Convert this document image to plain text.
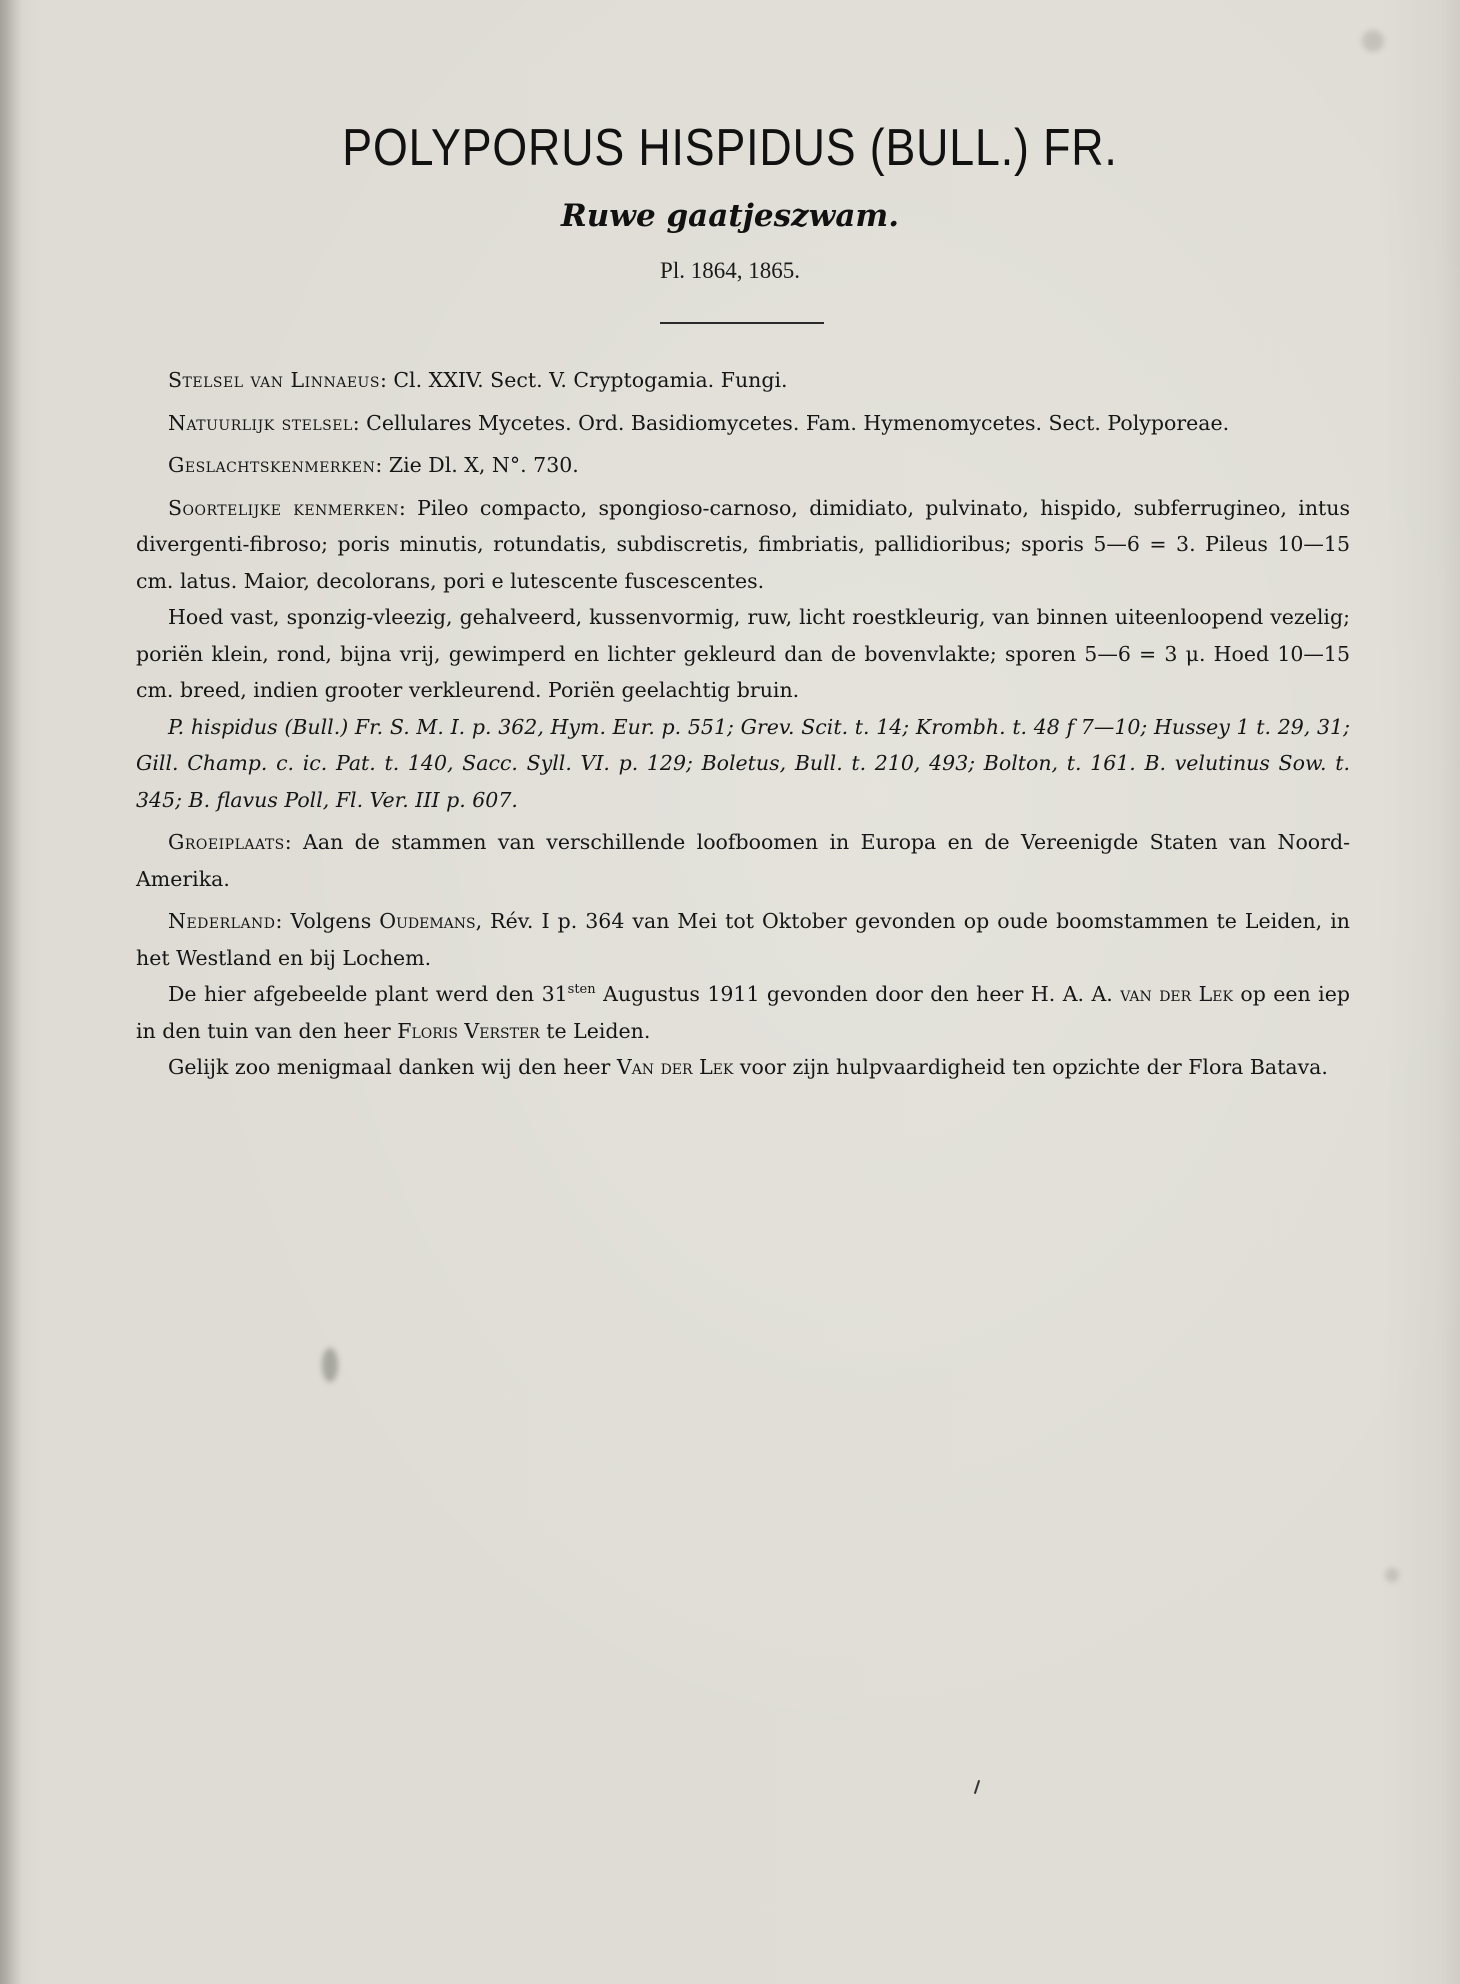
POLYPORUS HISPIDUS (BULL.) FR.
Ruwe gaatjeszwam.
Pl. 1864, 1865.

Stelsel van Linnaeus: Cl. XXIV. Sect. V. Cryptogamia. Fungi.

Natuurlijk stelsel: Cellulares Mycetes. Ord. Basidiomycetes. Fam. Hymenomycetes. Sect. Polyporeae.

Geslachtskenmerken: Zie Dl. X, N°. 730.

Soortelijke kenmerken: Pileo compacto, spongioso-carnoso, dimidiato, pulvinato, hispido, subferrugineo, intus divergenti-fibroso; poris minutis, rotundatis, subdiscretis, fimbriatis, pallidioribus; sporis 5—6 = 3. Pileus 10—15 cm. latus. Maior, decolorans, pori e lutescente fuscescentes.

Hoed vast, sponzig-vleezig, gehalveerd, kussenvormig, ruw, licht roestkleurig, van binnen uiteenloopend vezelig; poriën klein, rond, bijna vrij, gewimperd en lichter gekleurd dan de bovenvlakte; sporen 5—6 = 3 μ. Hoed 10—15 cm. breed, indien grooter verkleurend. Poriën geelachtig bruin.

P. hispidus (Bull.) Fr. S. M. I. p. 362, Hym. Eur. p. 551; Grev. Scit. t. 14; Krombh. t. 48 f 7—10; Hussey 1 t. 29, 31; Gill. Champ. c. ic. Pat. t. 140, Sacc. Syll. VI. p. 129; Boletus, Bull. t. 210, 493; Bolton, t. 161. B. velutinus Sow. t. 345; B. flavus Poll, Fl. Ver. III p. 607.

Groeiplaats: Aan de stammen van verschillende loofboomen in Europa en de Vereenigde Staten van Noord-Amerika.

Nederland: Volgens Oudemans, Rév. I p. 364 van Mei tot Oktober gevonden op oude boomstammen te Leiden, in het Westland en bij Lochem.

De hier afgebeelde plant werd den $31^{sten}$ Augustus 1911 gevonden door den heer H. A. A. van der Lek op een iep in den tuin van den heer Floris Verster te Leiden.

Gelijk zoo menigmaal danken wij den heer Van der Lek voor zijn hulpvaardigheid ten opzichte der Flora Batava.
